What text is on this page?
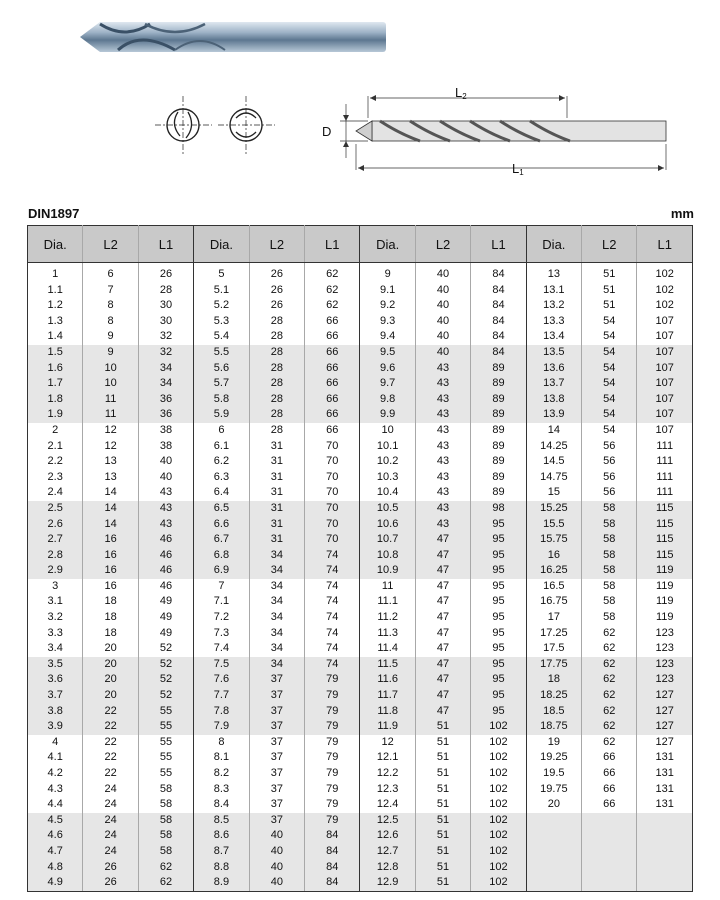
D
L2
L1
DIN1897	mm
Dia.	L2	L1	Dia.	L2	L1	Dia.	L2	L1	Dia.	L2	L1
1	6	26	5	26	62	9	40	84	13	51	102
1.1	7	28	5.1	26	62	9.1	40	84	13.1	51	102
1.2	8	30	5.2	26	62	9.2	40	84	13.2	51	102
1.3	8	30	5.3	28	66	9.3	40	84	13.3	54	107
1.4	9	32	5.4	28	66	9.4	40	84	13.4	54	107
1.5	9	32	5.5	28	66	9.5	40	84	13.5	54	107
1.6	10	34	5.6	28	66	9.6	43	89	13.6	54	107
1.7	10	34	5.7	28	66	9.7	43	89	13.7	54	107
1.8	11	36	5.8	28	66	9.8	43	89	13.8	54	107
1.9	11	36	5.9	28	66	9.9	43	89	13.9	54	107
2	12	38	6	28	66	10	43	89	14	54	107
2.1	12	38	6.1	31	70	10.1	43	89	14.25	56	111
2.2	13	40	6.2	31	70	10.2	43	89	14.5	56	111
2.3	13	40	6.3	31	70	10.3	43	89	14.75	56	111
2.4	14	43	6.4	31	70	10.4	43	89	15	56	111
2.5	14	43	6.5	31	70	10.5	43	98	15.25	58	115
2.6	14	43	6.6	31	70	10.6	43	95	15.5	58	115
2.7	16	46	6.7	31	70	10.7	47	95	15.75	58	115
2.8	16	46	6.8	34	74	10.8	47	95	16	58	115
2.9	16	46	6.9	34	74	10.9	47	95	16.25	58	119
3	16	46	7	34	74	11	47	95	16.5	58	119
3.1	18	49	7.1	34	74	11.1	47	95	16.75	58	119
3.2	18	49	7.2	34	74	11.2	47	95	17	58	119
3.3	18	49	7.3	34	74	11.3	47	95	17.25	62	123
3.4	20	52	7.4	34	74	11.4	47	95	17.5	62	123
3.5	20	52	7.5	34	74	11.5	47	95	17.75	62	123
3.6	20	52	7.6	37	79	11.6	47	95	18	62	123
3.7	20	52	7.7	37	79	11.7	47	95	18.25	62	127
3.8	22	55	7.8	37	79	11.8	47	95	18.5	62	127
3.9	22	55	7.9	37	79	11.9	51	102	18.75	62	127
4	22	55	8	37	79	12	51	102	19	62	127
4.1	22	55	8.1	37	79	12.1	51	102	19.25	66	131
4.2	22	55	8.2	37	79	12.2	51	102	19.5	66	131
4.3	24	58	8.3	37	79	12.3	51	102	19.75	66	131
4.4	24	58	8.4	37	79	12.4	51	102	20	66	131
4.5	24	58	8.5	37	79	12.5	51	102			
4.6	24	58	8.6	40	84	12.6	51	102			
4.7	24	58	8.7	40	84	12.7	51	102			
4.8	26	62	8.8	40	84	12.8	51	102			
4.9	26	62	8.9	40	84	12.9	51	102			
